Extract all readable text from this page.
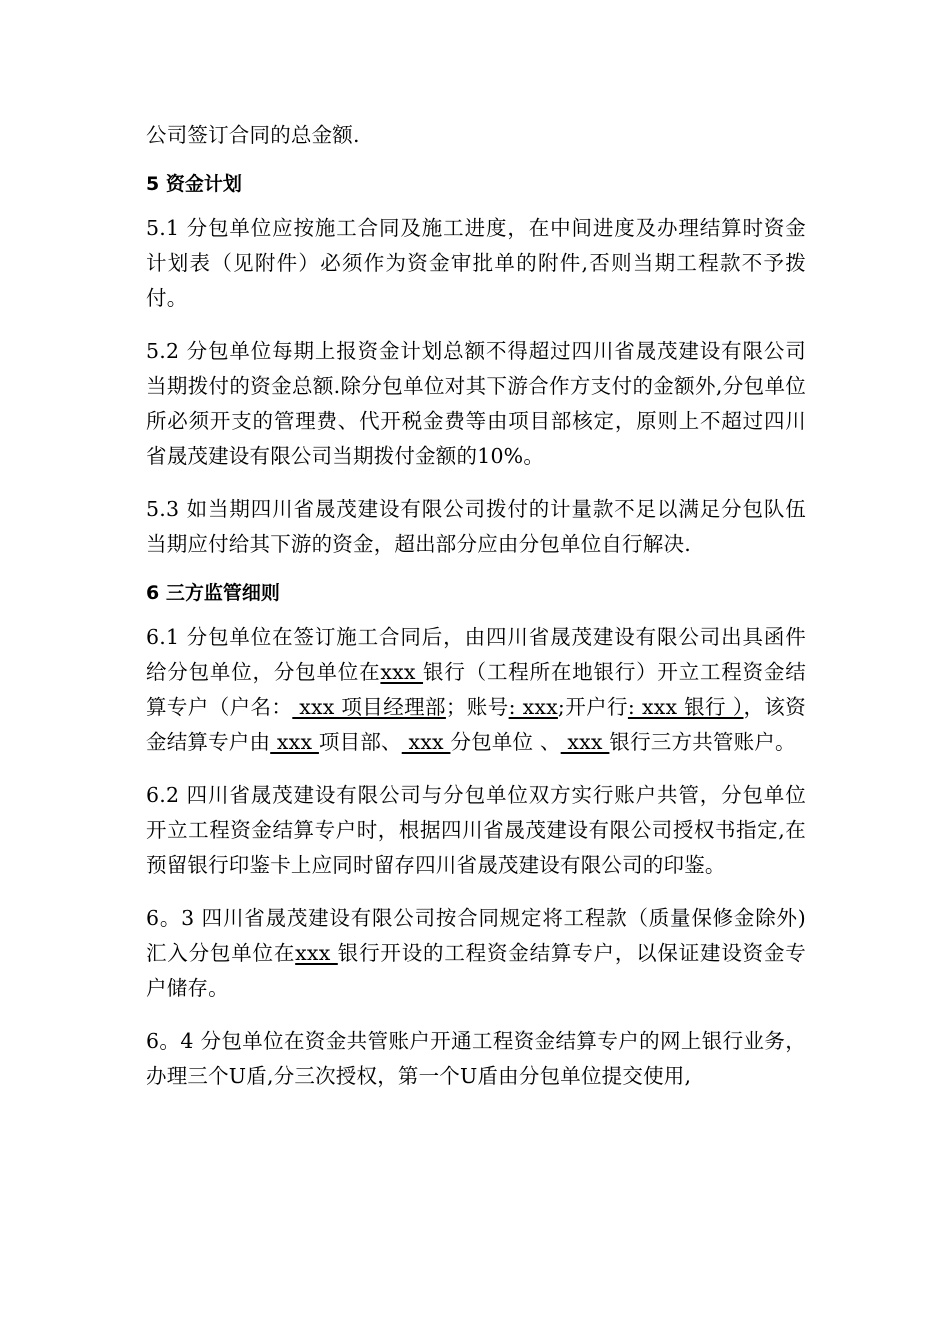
公司签订合同的总金额.

5 资金计划

5.1 分包单位应按施工合同及施工进度，在中间进度及办理结算时资金计划表（见附件）必须作为资金审批单的附件,否则当期工程款不予拨付。

5.2 分包单位每期上报资金计划总额不得超过四川省晟茂建设有限公司当期拨付的资金总额.除分包单位对其下游合作方支付的金额外,分包单位所必须开支的管理费、代开税金费等由项目部核定，原则上不超过四川省晟茂建设有限公司当期拨付金额的10%。

5.3 如当期四川省晟茂建设有限公司拨付的计量款不足以满足分包队伍当期应付给其下游的资金，超出部分应由分包单位自行解决.

6 三方监管细则

6.1 分包单位在签订施工合同后，由四川省晟茂建设有限公司出具函件给分包单位，分包单位在xxx 银行（工程所在地银行）开立工程资金结算专户（户名： xxx 项目经理部；账号: xxx;开户行: xxx 银行 ），该资金结算专户由 xxx 项目部、 xxx 分包单位 、 xxx 银行三方共管账户。

6.2 四川省晟茂建设有限公司与分包单位双方实行账户共管，分包单位开立工程资金结算专户时，根据四川省晟茂建设有限公司授权书指定,在预留银行印鉴卡上应同时留存四川省晟茂建设有限公司的印鉴。

6。3 四川省晟茂建设有限公司按合同规定将工程款（质量保修金除外)汇入分包单位在xxx 银行开设的工程资金结算专户，以保证建设资金专户储存。

6。4 分包单位在资金共管账户开通工程资金结算专户的网上银行业务，办理三个U盾,分三次授权，第一个U盾由分包单位提交使用,
